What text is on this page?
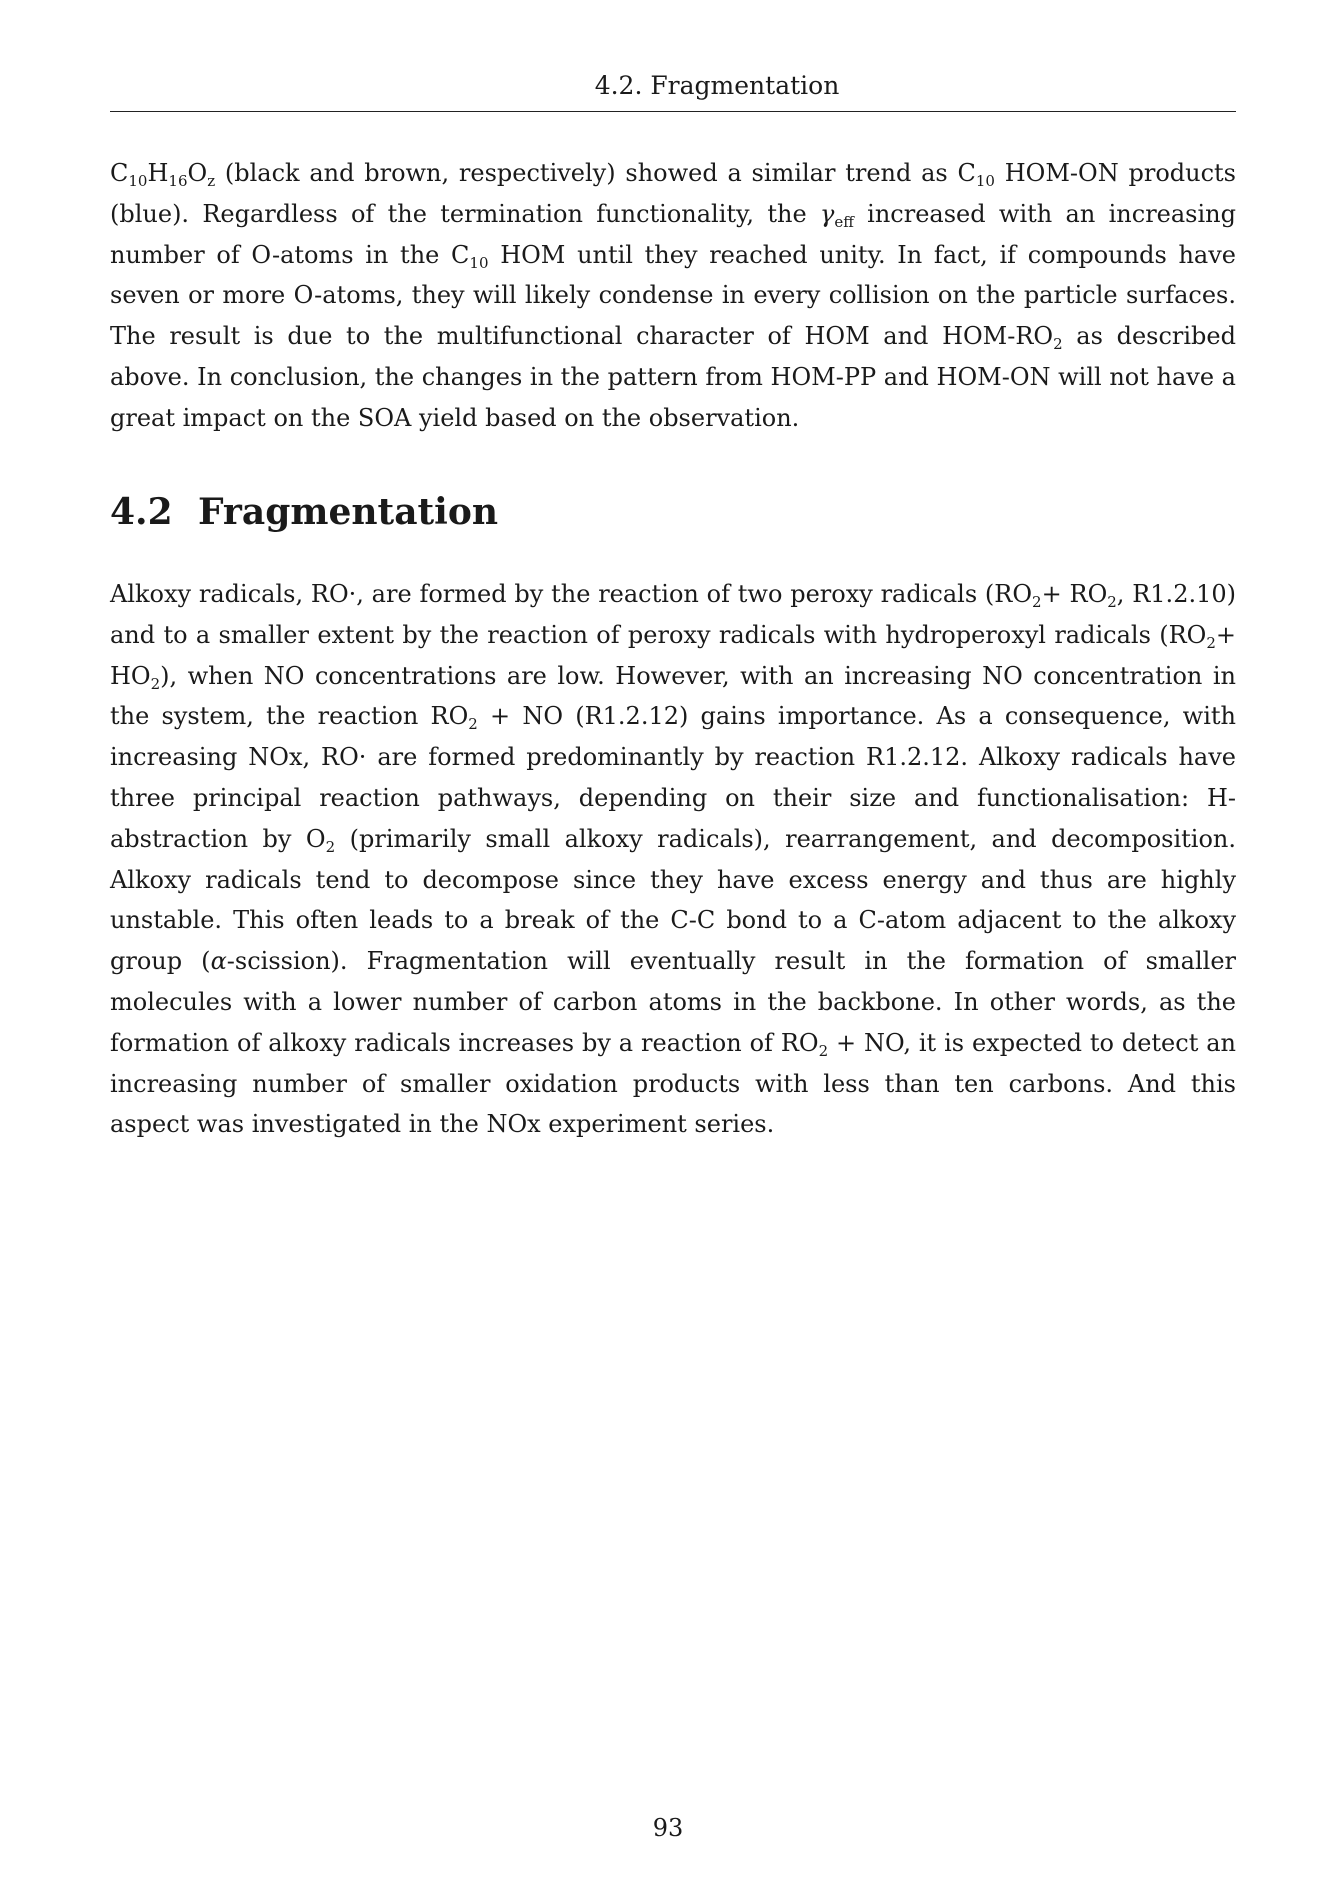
4.2. Fragmentation

$C_{10}H_{16}O_z$ (black and brown, respectively) showed a similar trend as $C_{10}$ HOM-ON products (blue). Regardless of the termination functionality, the $\gamma_{eff}$ increased with an increasing number of O-atoms in the $C_{10}$ HOM until they reached unity. In fact, if compounds have seven or more O-atoms, they will likely condense in every collision on the particle surfaces. The result is due to the multifunctional character of HOM and HOM-$RO_2$ as described above. In conclusion, the changes in the pattern from HOM-PP and HOM-ON will not have a great impact on the SOA yield based on the observation.

4.2 Fragmentation

Alkoxy radicals, RO·, are formed by the reaction of two peroxy radicals ($RO_2+ RO_2$, R1.2.10) and to a smaller extent by the reaction of peroxy radicals with hydroperoxyl radicals $(RO_2+ HO_2)$, when NO concentrations are low. However, with an increasing NO concentration in the system, the reaction $RO_2$ + NO (R1.2.12) gains importance. As a consequence, with increasing NOx, RO· are formed predominantly by reaction R1.2.12. Alkoxy radicals have three principal reaction pathways, depending on their size and functionalisation: H-abstraction by $O_2$ (primarily small alkoxy radicals), rearrangement, and decomposition. Alkoxy radicals tend to decompose since they have excess energy and thus are highly unstable. This often leads to a break of the C-C bond to a C-atom adjacent to the alkoxy group (α-scission). Fragmentation will eventually result in the formation of smaller molecules with a lower number of carbon atoms in the backbone. In other words, as the formation of alkoxy radicals increases by a reaction of $RO_2$ + NO, it is expected to detect an increasing number of smaller oxidation products with less than ten carbons. And this aspect was investigated in the NOx experiment series.

93
